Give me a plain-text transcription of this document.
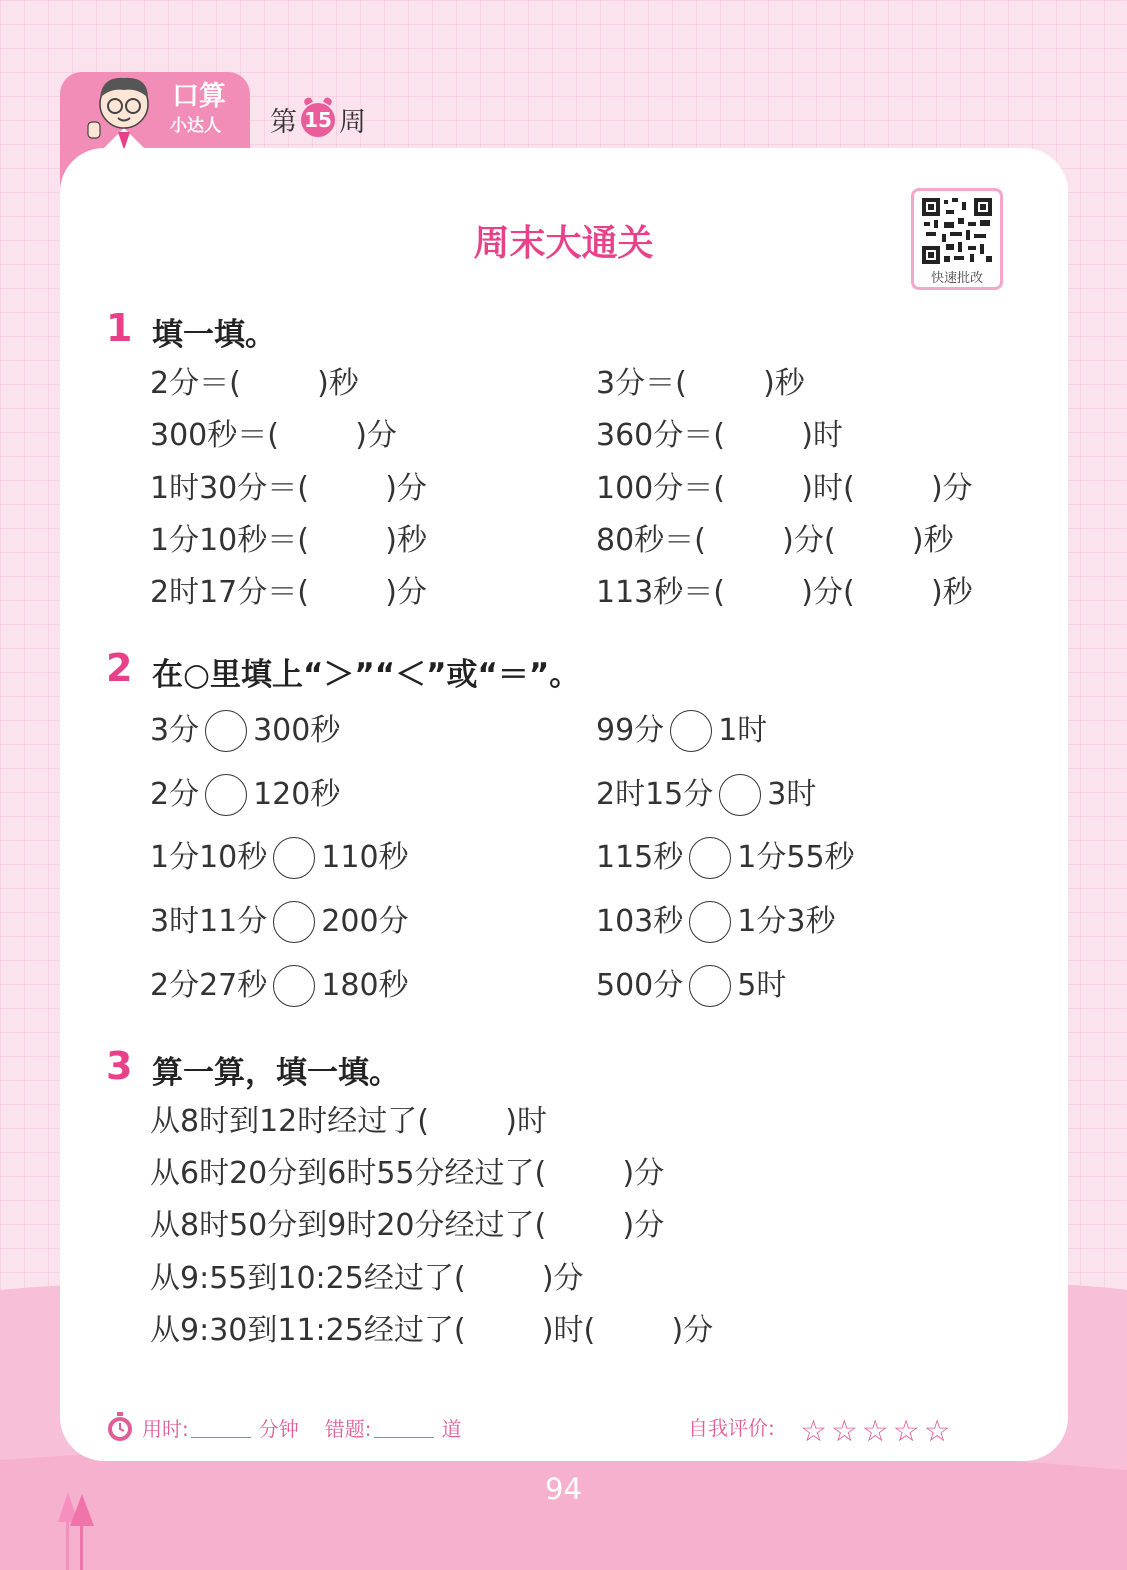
口算
小达人 第 15 周
周末大通关
快速批改
1 填一填。
2分＝(        )秒
300秒＝(        )分
1时30分＝(        )分
1分10秒＝(        )秒
2时17分＝(        )分
3分＝(        )秒
360分＝(        )时
100分＝(        )时(        )分
80秒＝(        )分(        )秒
113秒＝(        )分(        )秒
2 在○里填上“＞”“＜”或“＝”。
3分 300秒
2分 120秒
1分10秒 110秒
3时11分 200分
2分27秒 180秒
99分 1时
2时15分 3时
115秒 1分55秒
103秒 1分3秒
500分 5时
3 算一算，填一填。
从8时到12时经过了(        )时
从6时20分到6时55分经过了(        )分
从8时50分到9时20分经过了(        )分
从9:55到10:25经过了(        )分
从9:30到11:25经过了(        )时(        )分
用时:	分钟 错题:	道	自我评价: ☆☆☆☆☆
94
